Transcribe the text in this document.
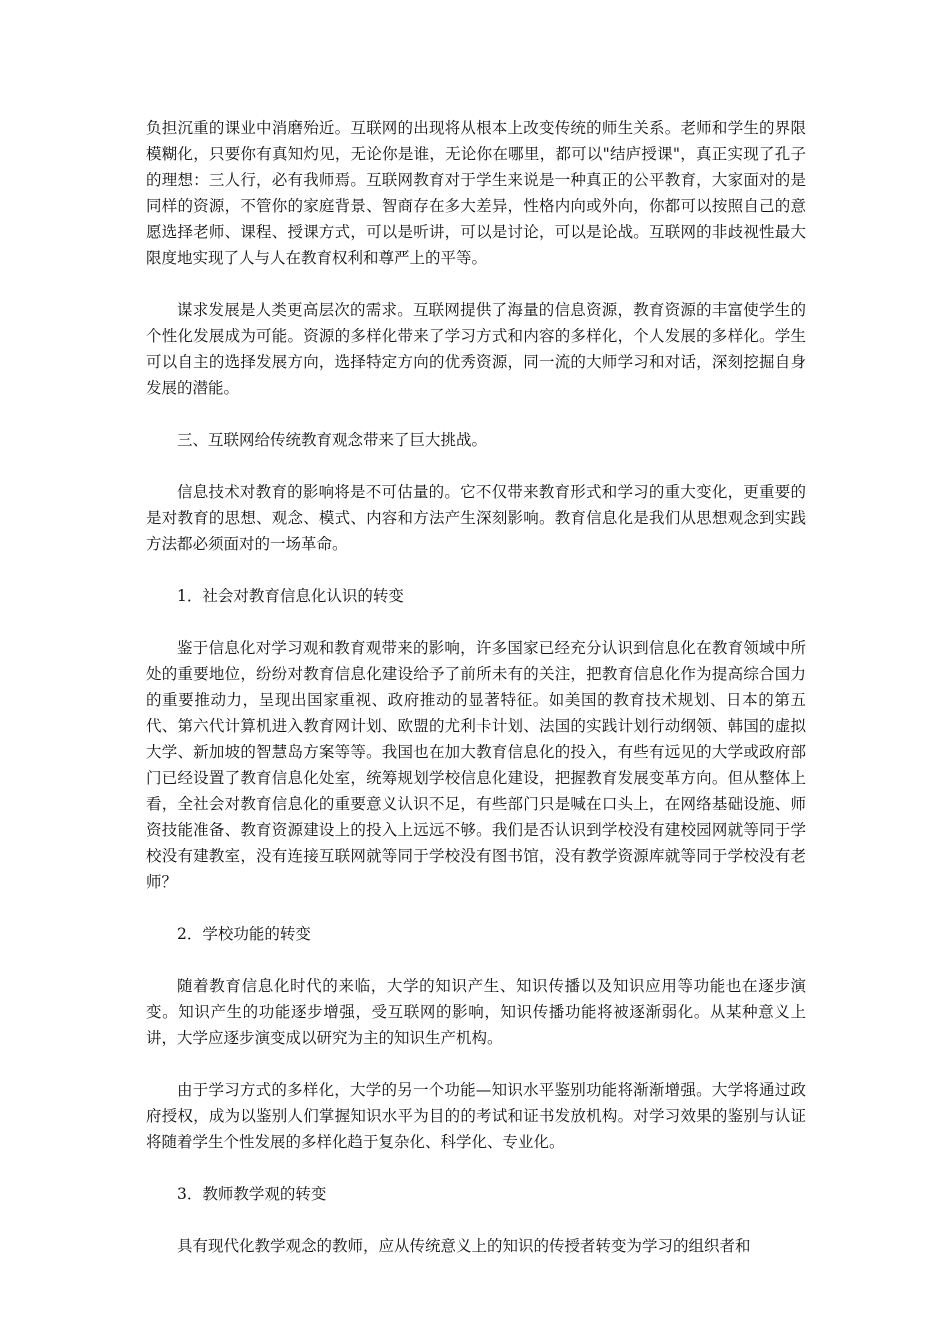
负担沉重的课业中消磨殆近。互联网的出现将从根本上改变传统的师生关系。老师和学生的界限模糊化，只要你有真知灼见，无论你是谁，无论你在哪里，都可以"结庐授课"，真正实现了孔子的理想：三人行，必有我师焉。互联网教育对于学生来说是一种真正的公平教育，大家面对的是同样的资源，不管你的家庭背景、智商存在多大差异，性格内向或外向，你都可以按照自己的意愿选择老师、课程、授课方式，可以是听讲，可以是讨论，可以是论战。互联网的非歧视性最大限度地实现了人与人在教育权利和尊严上的平等。

谋求发展是人类更高层次的需求。互联网提供了海量的信息资源，教育资源的丰富使学生的个性化发展成为可能。资源的多样化带来了学习方式和内容的多样化，个人发展的多样化。学生可以自主的选择发展方向，选择特定方向的优秀资源，同一流的大师学习和对话，深刻挖掘自身发展的潜能。

三、互联网给传统教育观念带来了巨大挑战。

信息技术对教育的影响将是不可估量的。它不仅带来教育形式和学习的重大变化，更重要的是对教育的思想、观念、模式、内容和方法产生深刻影响。教育信息化是我们从思想观念到实践方法都必须面对的一场革命。

1．社会对教育信息化认识的转变

鉴于信息化对学习观和教育观带来的影响，许多国家已经充分认识到信息化在教育领域中所处的重要地位，纷纷对教育信息化建设给予了前所未有的关注，把教育信息化作为提高综合国力的重要推动力，呈现出国家重视、政府推动的显著特征。如美国的教育技术规划、日本的第五代、第六代计算机进入教育网计划、欧盟的尤利卡计划、法国的实践计划行动纲领、韩国的虚拟大学、新加坡的智慧岛方案等等。我国也在加大教育信息化的投入，有些有远见的大学或政府部门已经设置了教育信息化处室，统筹规划学校信息化建设，把握教育发展变革方向。但从整体上看，全社会对教育信息化的重要意义认识不足，有些部门只是喊在口头上，在网络基础设施、师资技能准备、教育资源建设上的投入上远远不够。我们是否认识到学校没有建校园网就等同于学校没有建教室，没有连接互联网就等同于学校没有图书馆，没有教学资源库就等同于学校没有老师？

2．学校功能的转变

随着教育信息化时代的来临，大学的知识产生、知识传播以及知识应用等功能也在逐步演变。知识产生的功能逐步增强，受互联网的影响，知识传播功能将被逐渐弱化。从某种意义上讲，大学应逐步演变成以研究为主的知识生产机构。

由于学习方式的多样化，大学的另一个功能—知识水平鉴别功能将渐渐增强。大学将通过政府授权，成为以鉴别人们掌握知识水平为目的的考试和证书发放机构。对学习效果的鉴别与认证将随着学生个性发展的多样化趋于复杂化、科学化、专业化。

3．教师教学观的转变

具有现代化教学观念的教师，应从传统意义上的知识的传授者转变为学习的组织者和
